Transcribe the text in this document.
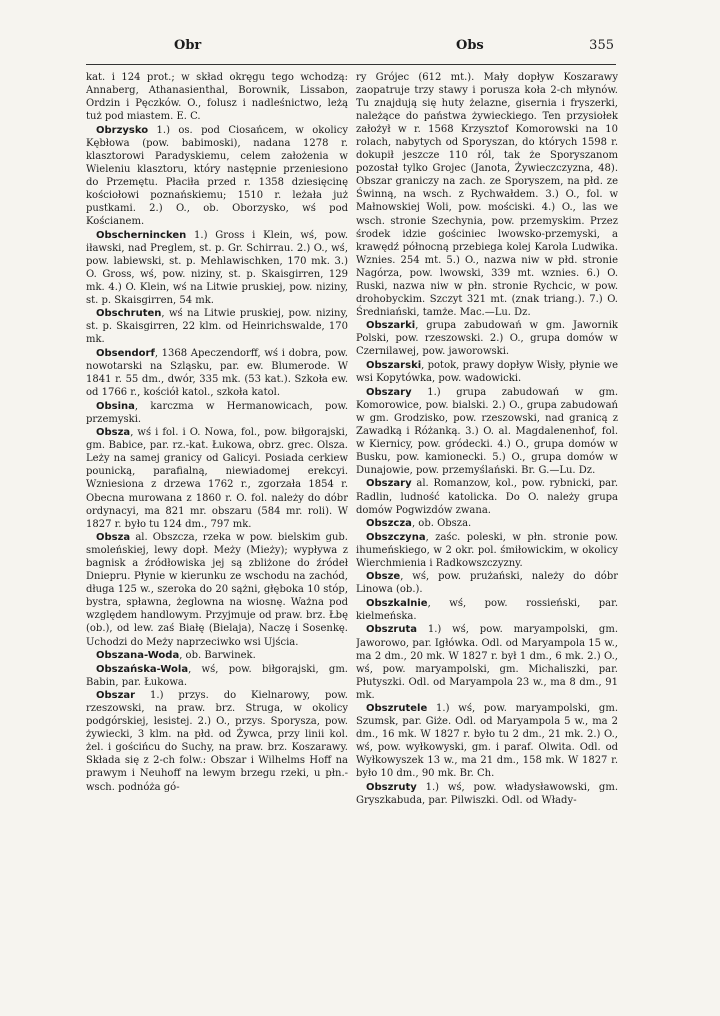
Obr	Obs	355

kat. i 124 prot.; w skład okręgu tego wchodzą: Annaberg, Athanasienthal, Borownik, Lissabon, Ordzin i Pęczków. O., folusz i nadleśnictwo, leżą tuż pod miastem. E. C.

Obrzysko 1.) os. pod Ciosańcem, w okolicy Kębłowa (pow. babimoski), nadana 1278 r. klasztorowi Paradyskiemu, celem założenia w Wieleniu klasztoru, który następnie przeniesiono do Przemętu. Płaciła przed r. 1358 dziesięcinę kościołowi poznańskiemu; 1510 r. leżała już pustkami. 2.) O., ob. Oborzysko, wś pod Kościanem.

Obschernincken 1.) Gross i Klein, wś, pow. iławski, nad Preglem, st. p. Gr. Schirrau. 2.) O., wś, pow. labiewski, st. p. Mehlawischken, 170 mk. 3.) O. Gross, wś, pow. niziny, st. p. Skaisgirren, 129 mk. 4.) O. Klein, wś na Litwie pruskiej, pow. niziny, st. p. Skaisgirren, 54 mk.

Obschruten, wś na Litwie pruskiej, pow. niziny, st. p. Skaisgirren, 22 klm. od Heinrichswalde, 170 mk.

Obsendorf, 1368 Apeczendorff, wś i dobra, pow. nowotarski na Szląsku, par. ew. Blumerode. W 1841 r. 55 dm., dwór, 335 mk. (53 kat.). Szkoła ew. od 1766 r., kościół katol., szkoła katol.

Obsina, karczma w Hermanowicach, pow. przemyski.

Obsza, wś i fol. i O. Nowa, fol., pow. biłgorajski, gm. Babice, par. rz.-kat. Łukowa, obrz. grec. Olsza. Leży na samej granicy od Galicyi. Posiada cerkiew pounicką, parafialną, niewiadomej erekcyi. Wzniesiona z drzewa 1762 r., zgorzała 1854 r. Obecna murowana z 1860 r. O. fol. należy do dóbr ordynacyi, ma 821 mr. obszaru (584 mr. roli). W 1827 r. było tu 124 dm., 797 mk.

Obsza al. Obszcza, rzeka w pow. bielskim gub. smoleńskiej, lewy dopł. Meży (Mieży); wypływa z bagnisk a źródłowiska jej są zbliżone do źródeł Dniepru. Płynie w kierunku ze wschodu na zachód, długa 125 w., szeroka do 20 sążni, głęboka 10 stóp, bystra, spławna, żeglowna na wiosnę. Ważna pod względem handlowym. Przyjmuje od praw. brz. Łbę (ob.), od lew. zaś Białę (Bielaja), Naczę i Sosenkę. Uchodzi do Meży naprzeciwko wsi Ujścia.

Obszana-Woda, ob. Barwinek.

Obszańska-Wola, wś, pow. biłgorajski, gm. Babin, par. Łukowa.

Obszar 1.) przys. do Kielnarowy, pow. rzeszowski, na praw. brz. Struga, w okolicy podgórskiej, lesistej. 2.) O., przys. Sporysza, pow. żywiecki, 3 klm. na płd. od Żywca, przy linii kol. żel. i gościńcu do Suchy, na praw. brz. Koszarawy. Składa się z 2-ch folw.: Obszar i Wilhelms Hoff na prawym i Neuhoff na lewym brzegu rzeki, u płn.-wsch. podnóża gó-

ry Grójec (612 mt.). Mały dopływ Koszarawy zaopatruje trzy stawy i porusza koła 2-ch młynów. Tu znajdują się huty żelazne, gisernia i fryszerki, należące do państwa żywieckiego. Ten przysiołek założył w r. 1568 Krzysztof Komorowski na 10 rolach, nabytych od Sporyszan, do których 1598 r. dokupił jeszcze 110 ról, tak że Sporyszanom pozostał tylko Grojec (Janota, Żywieczczyzna, 48). Obszar graniczy na zach. ze Sporyszem, na płd. ze Świnną, na wsch. z Rychwałdem. 3.) O., fol. w Małnowskiej Woli, pow. mościski. 4.) O., las we wsch. stronie Szechynia, pow. przemyskim. Przez środek idzie gościniec lwowsko-przemyski, a krawędź północną przebiega kolej Karola Ludwika. Wznies. 254 mt. 5.) O., nazwa niw w płd. stronie Nagórza, pow. lwowski, 339 mt. wznies. 6.) O. Ruski, nazwa niw w płn. stronie Rychcic, w pow. drohobyckim. Szczyt 321 mt. (znak triang.). 7.) O. Średniański, tamże. Mac.—Lu. Dz.

Obszarki, grupa zabudowań w gm. Jawornik Polski, pow. rzeszowski. 2.) O., grupa domów w Czernilawej, pow. jaworowski.

Obszarski, potok, prawy dopływ Wisły, płynie we wsi Kopytówka, pow. wadowicki.

Obszary 1.) grupa zabudowań w gm. Komorowice, pow. bialski. 2.) O., grupa zabudowań w gm. Grodzisko, pow. rzeszowski, nad granicą z Zawadką i Różanką. 3.) O. al. Magdalenenhof, fol. w Kiernicy, pow. gródecki. 4.) O., grupa domów w Busku, pow. kamionecki. 5.) O., grupa domów w Dunajowie, pow. przemyślański. Br. G.—Lu. Dz.

Obszary al. Romanzow, kol., pow. rybnicki, par. Radlin, ludność katolicka. Do O. należy grupa domów Pogwizdów zwana.

Obszcza, ob. Obsza.

Obszczyna, zaśc. poleski, w płn. stronie pow. ihumeńskiego, w 2 okr. pol. śmiłowickim, w okolicy Wierchmienia i Radkowszczyzny.

Obsze, wś, pow. prużański, należy do dóbr Linowa (ob.).

Obszkalnie, wś, pow. rossieński, par. kielmeńska.

Obszruta 1.) wś, pow. maryampolski, gm. Jaworowo, par. Igłówka. Odl. od Maryampola 15 w., ma 2 dm., 20 mk. W 1827 r. był 1 dm., 6 mk. 2.) O., wś, pow. maryampolski, gm. Michaliszki, par. Płutyszki. Odl. od Maryampola 23 w., ma 8 dm., 91 mk.

Obszrutele 1.) wś, pow. maryampolski, gm. Szumsk, par. Giże. Odl. od Maryampola 5 w., ma 2 dm., 16 mk. W 1827 r. było tu 2 dm., 21 mk. 2.) O., wś, pow. wyłkowyski, gm. i paraf. Olwita. Odl. od Wyłkowyszek 13 w., ma 21 dm., 158 mk. W 1827 r. było 10 dm., 90 mk. Br. Ch.

Obszruty 1.) wś, pow. władysławowski, gm. Gryszkabuda, par. Pilwiszki. Odl. od Władу-
